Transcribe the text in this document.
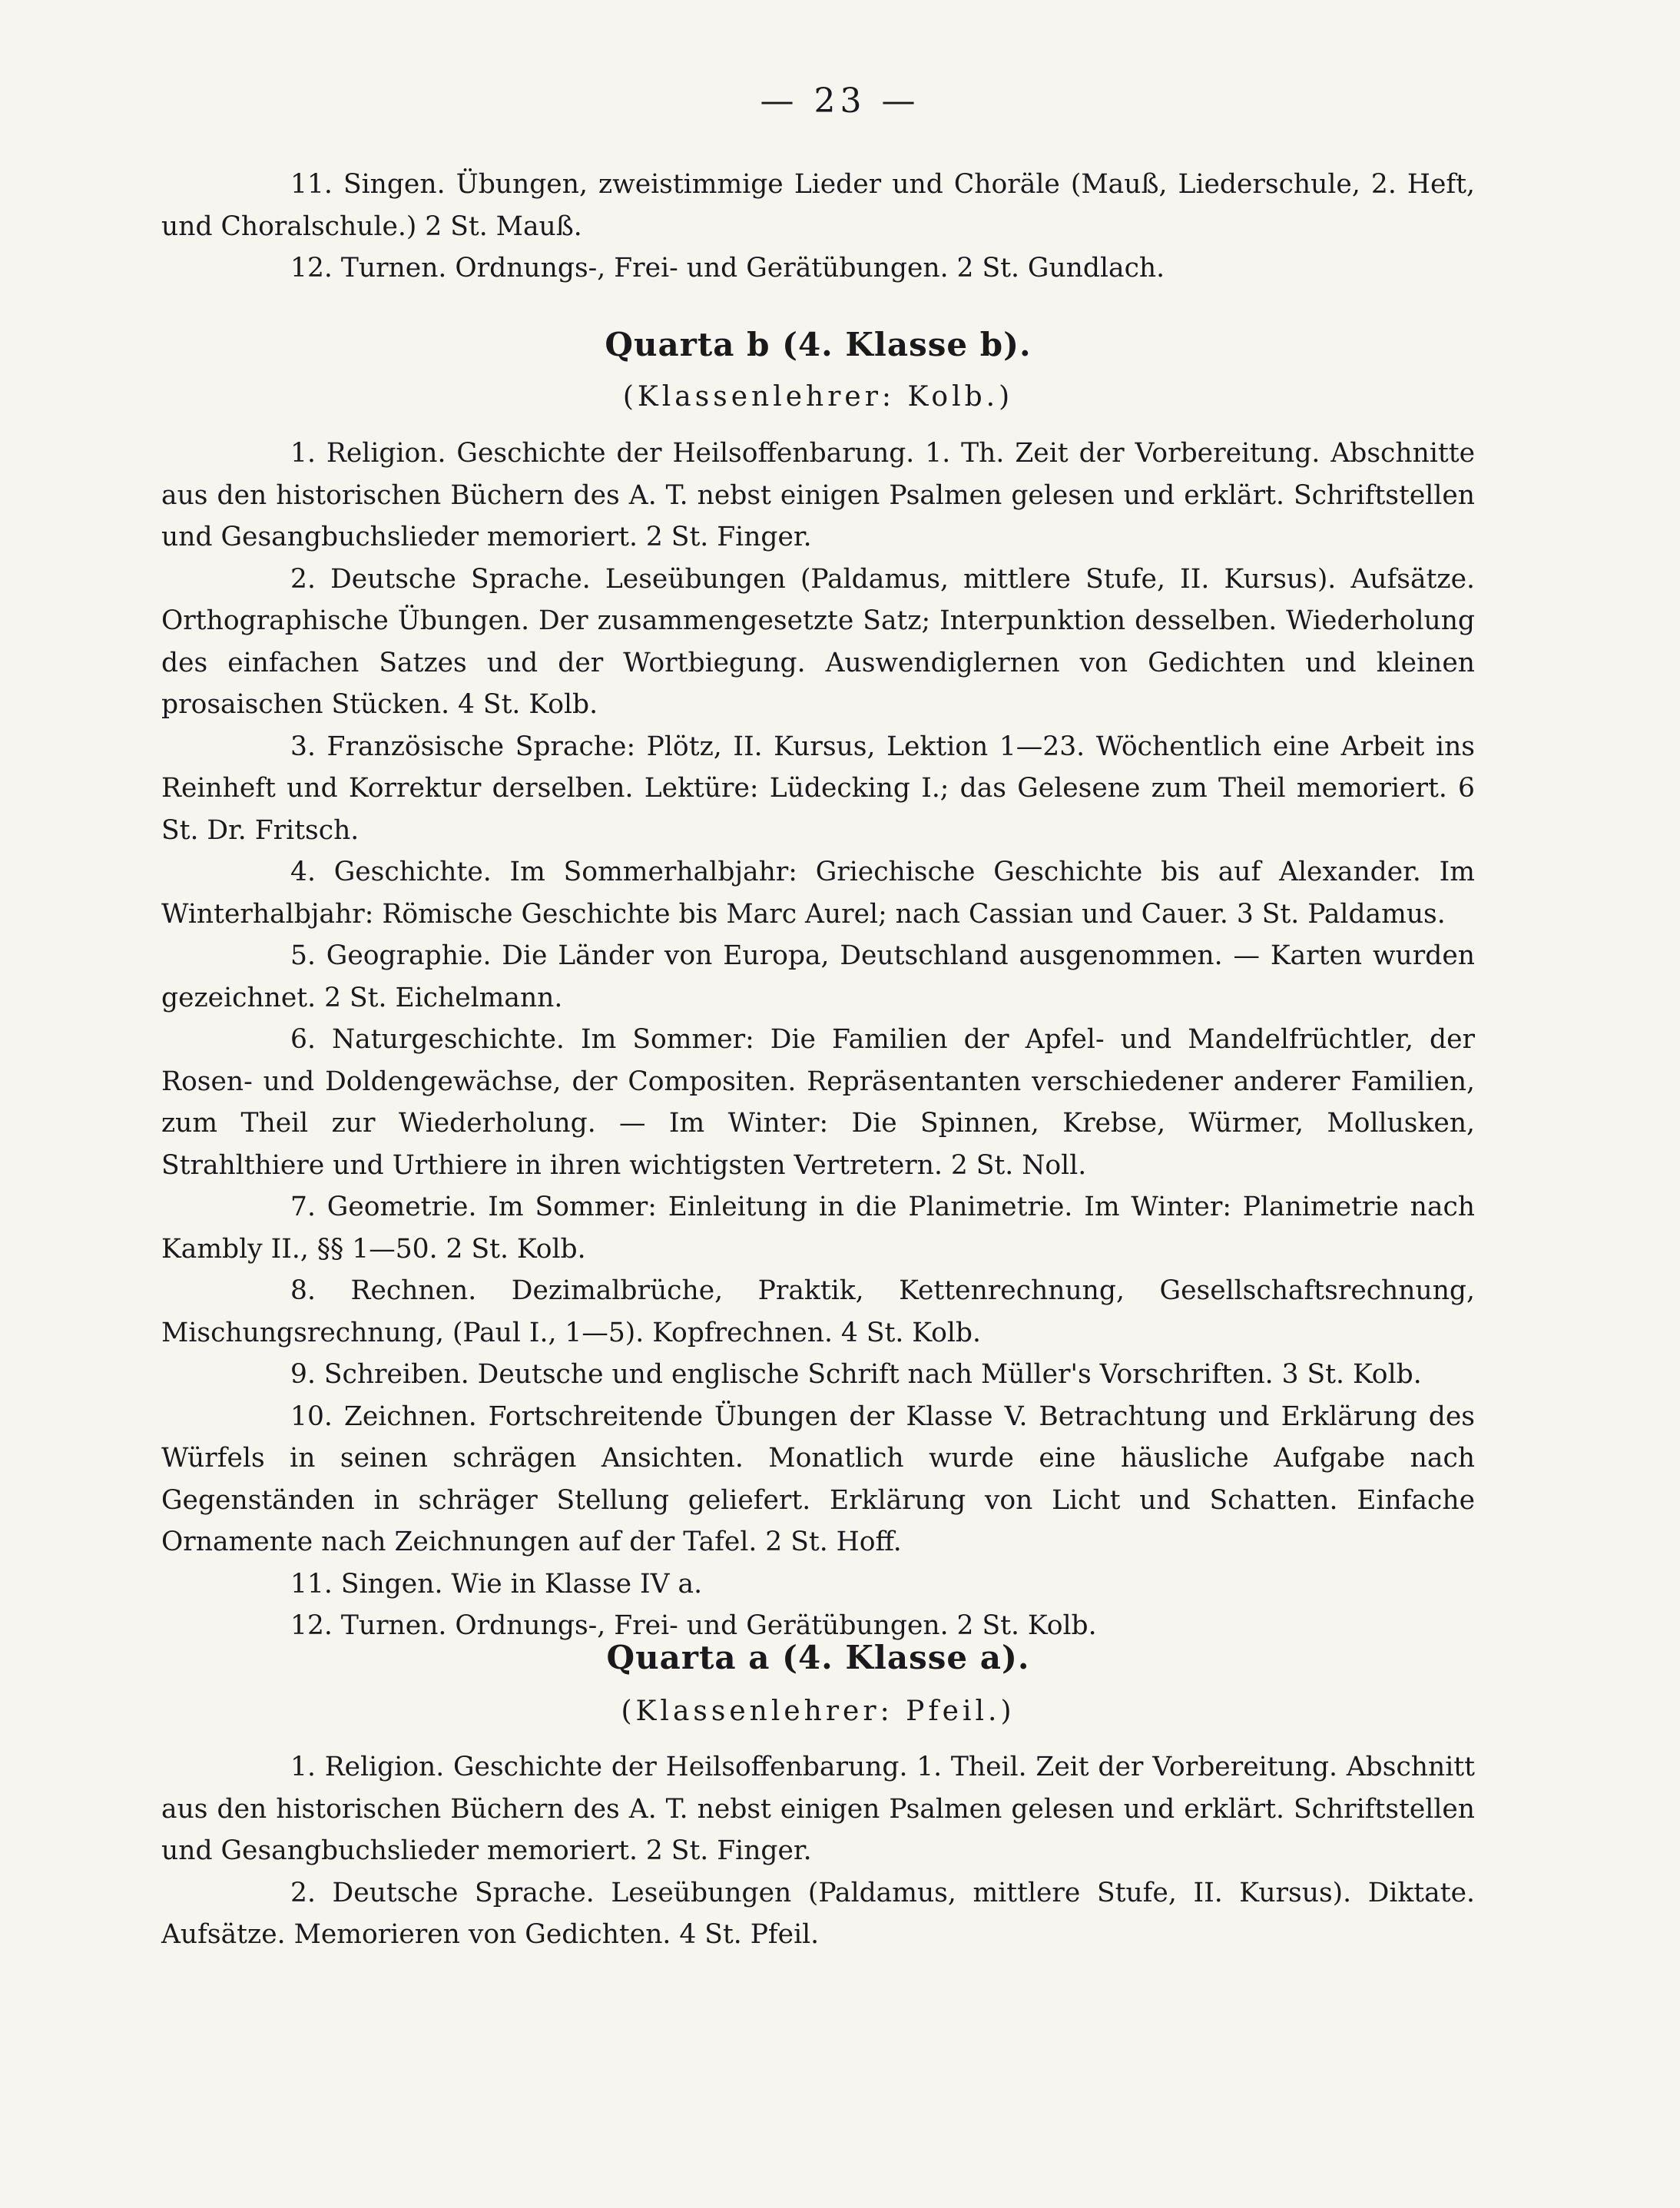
— 23 —

11. Singen. Übungen, zweistimmige Lieder und Choräle (Mauß, Liederschule, 2. Heft, und Choralschule.) 2 St. Mauß.

12. Turnen. Ordnungs-, Frei- und Gerätübungen. 2 St. Gundlach.

Quarta b (4. Klasse b).

(Klassenlehrer: Kolb.)

1. Religion. Geschichte der Heilsoffenbarung. 1. Th. Zeit der Vorbereitung. Abschnitte aus den historischen Büchern des A. T. nebst einigen Psalmen gelesen und erklärt. Schriftstellen und Gesangbuchslieder memoriert. 2 St. Finger.

2. Deutsche Sprache. Leseübungen (Paldamus, mittlere Stufe, II. Kursus). Aufsätze. Orthographische Übungen. Der zusammengesetzte Satz; Interpunktion desselben. Wiederholung des einfachen Satzes und der Wortbiegung. Auswendiglernen von Gedichten und kleinen prosaischen Stücken. 4 St. Kolb.

3. Französische Sprache: Plötz, II. Kursus, Lektion 1—23. Wöchentlich eine Arbeit ins Reinheft und Korrektur derselben. Lektüre: Lüdecking I.; das Gelesene zum Theil memoriert. 6 St. Dr. Fritsch.

4. Geschichte. Im Sommerhalbjahr: Griechische Geschichte bis auf Alexander. Im Winterhalbjahr: Römische Geschichte bis Marc Aurel; nach Cassian und Cauer. 3 St. Paldamus.

5. Geographie. Die Länder von Europa, Deutschland ausgenommen. — Karten wurden gezeichnet. 2 St. Eichelmann.

6. Naturgeschichte. Im Sommer: Die Familien der Apfel- und Mandelfrüchtler, der Rosen- und Doldengewächse, der Compositen. Repräsentanten verschiedener anderer Familien, zum Theil zur Wiederholung. — Im Winter: Die Spinnen, Krebse, Würmer, Mollusken, Strahlthiere und Urthiere in ihren wichtigsten Vertretern. 2 St. Noll.

7. Geometrie. Im Sommer: Einleitung in die Planimetrie. Im Winter: Planimetrie nach Kambly II., §§ 1—50. 2 St. Kolb.

8. Rechnen. Dezimalbrüche, Praktik, Kettenrechnung, Gesellschaftsrechnung, Mischungsrechnung, (Paul I., 1—5). Kopfrechnen. 4 St. Kolb.

9. Schreiben. Deutsche und englische Schrift nach Müller's Vorschriften. 3 St. Kolb.

10. Zeichnen. Fortschreitende Übungen der Klasse V. Betrachtung und Erklärung des Würfels in seinen schrägen Ansichten. Monatlich wurde eine häusliche Aufgabe nach Gegenständen in schräger Stellung geliefert. Erklärung von Licht und Schatten. Einfache Ornamente nach Zeichnungen auf der Tafel. 2 St. Hoff.

11. Singen. Wie in Klasse IV a.

12. Turnen. Ordnungs-, Frei- und Gerätübungen. 2 St. Kolb.

Quarta a (4. Klasse a).

(Klassenlehrer: Pfeil.)

1. Religion. Geschichte der Heilsoffenbarung. 1. Theil. Zeit der Vorbereitung. Abschnitt aus den historischen Büchern des A. T. nebst einigen Psalmen gelesen und erklärt. Schriftstellen und Gesangbuchslieder memoriert. 2 St. Finger.

2. Deutsche Sprache. Leseübungen (Paldamus, mittlere Stufe, II. Kursus). Diktate. Aufsätze. Memorieren von Gedichten. 4 St. Pfeil.
